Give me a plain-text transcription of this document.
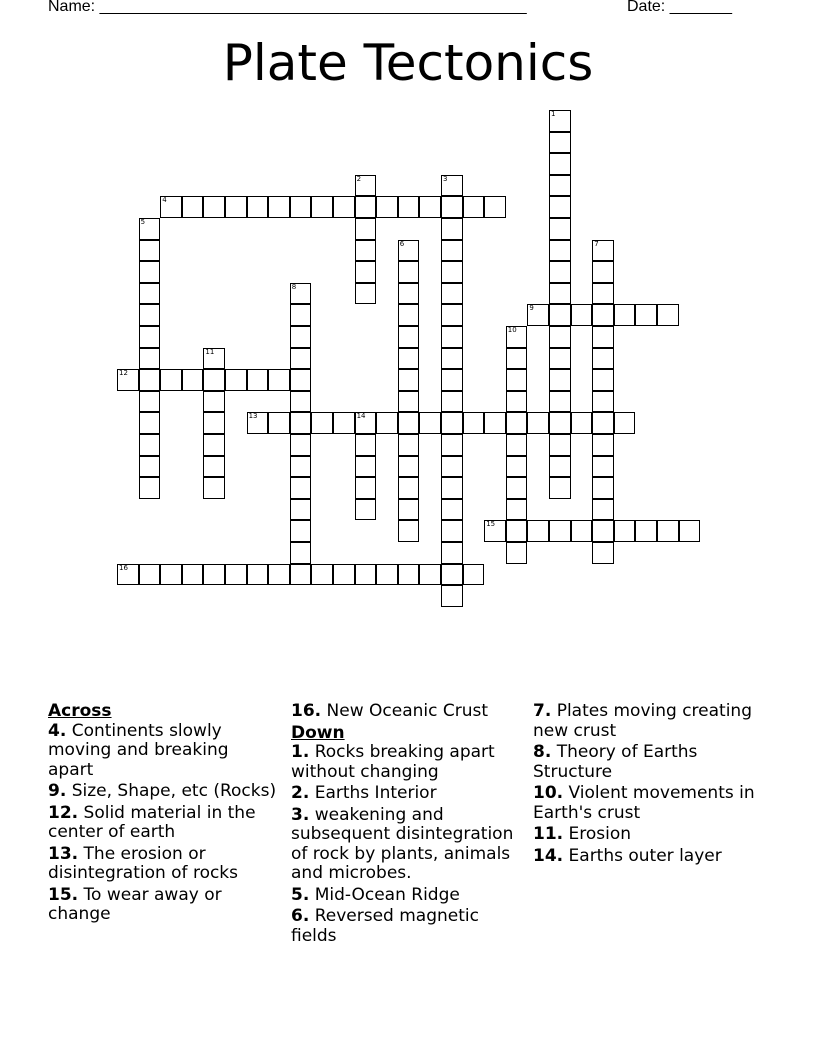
Name: ________________________________________________	Date: _______
Plate Tectonics
1
2	3
4
5
6	7
8
9
10
11
12
13	14
15
16
Across
4. Continents slowly moving and breaking apart
9. Size, Shape, etc (Rocks)
12. Solid material in the center of earth
13. The erosion or disintegration of rocks
15. To wear away or change
16. New Oceanic Crust
Down
1. Rocks breaking apart without changing
2. Earths Interior
3. weakening and subsequent disintegration of rock by plants, animals and microbes.
5. Mid-Ocean Ridge
6. Reversed magnetic fields
7. Plates moving creating new crust
8. Theory of Earths Structure
10. Violent movements in Earth's crust
11. Erosion
14. Earths outer layer
